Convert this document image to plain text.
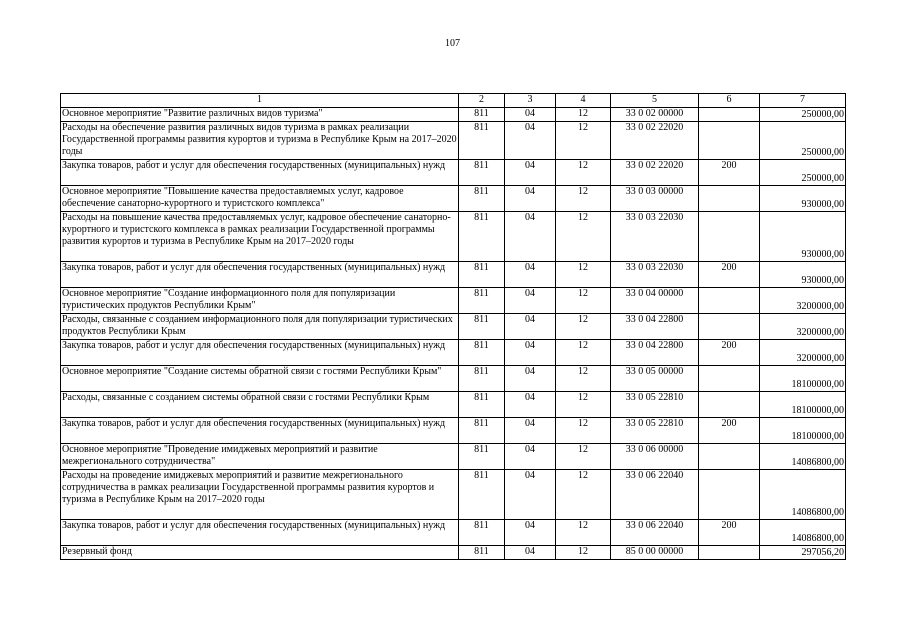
107
1	2	3	4	5	6	7
Основное мероприятие "Развитие различных видов туризма"	811	04	12	33 0 02 00000		250000,00
Расходы на обеспечение развития различных видов туризма в рамках реализации Государственной программы развития курортов и туризма в Республике Крым на 2017–2020 годы	811	04	12	33 0 02 22020		250000,00
Закупка товаров, работ и услуг для обеспечения государственных (муниципальных) нужд	811	04	12	33 0 02 22020	200	250000,00
Основное мероприятие "Повышение качества предоставляемых услуг, кадровое обеспечение санаторно-курортного и туристского комплекса"	811	04	12	33 0 03 00000		930000,00
Расходы на повышение качества предоставляемых услуг, кадровое обеспечение санаторно-курортного и туристского комплекса в рамках реализации Государственной программы развития курортов и туризма в Республике Крым на 2017–2020 годы	811	04	12	33 0 03 22030		930000,00
Закупка товаров, работ и услуг для обеспечения государственных (муниципальных) нужд	811	04	12	33 0 03 22030	200	930000,00
Основное мероприятие "Создание информационного поля для популяризации туристических продуктов Республики Крым"	811	04	12	33 0 04 00000		3200000,00
Расходы, связанные с созданием информационного поля для популяризации туристических продуктов Республики Крым	811	04	12	33 0 04 22800		3200000,00
Закупка товаров, работ и услуг для обеспечения государственных (муниципальных) нужд	811	04	12	33 0 04 22800	200	3200000,00
Основное мероприятие "Создание системы обратной связи с гостями Республики Крым"	811	04	12	33 0 05 00000		18100000,00
Расходы, связанные с созданием системы обратной связи с гостями Республики Крым	811	04	12	33 0 05 22810		18100000,00
Закупка товаров, работ и услуг для обеспечения государственных (муниципальных) нужд	811	04	12	33 0 05 22810	200	18100000,00
Основное мероприятие "Проведение имиджевых мероприятий и развитие межрегионального сотрудничества"	811	04	12	33 0 06 00000		14086800,00
Расходы на проведение имиджевых мероприятий и развитие межрегионального сотрудничества в рамках реализации Государственной программы развития курортов и туризма в Республике Крым на 2017–2020 годы	811	04	12	33 0 06 22040		14086800,00
Закупка товаров, работ и услуг для обеспечения государственных (муниципальных) нужд	811	04	12	33 0 06 22040	200	14086800,00
Резервный фонд	811	04	12	85 0 00 00000		297056,20
